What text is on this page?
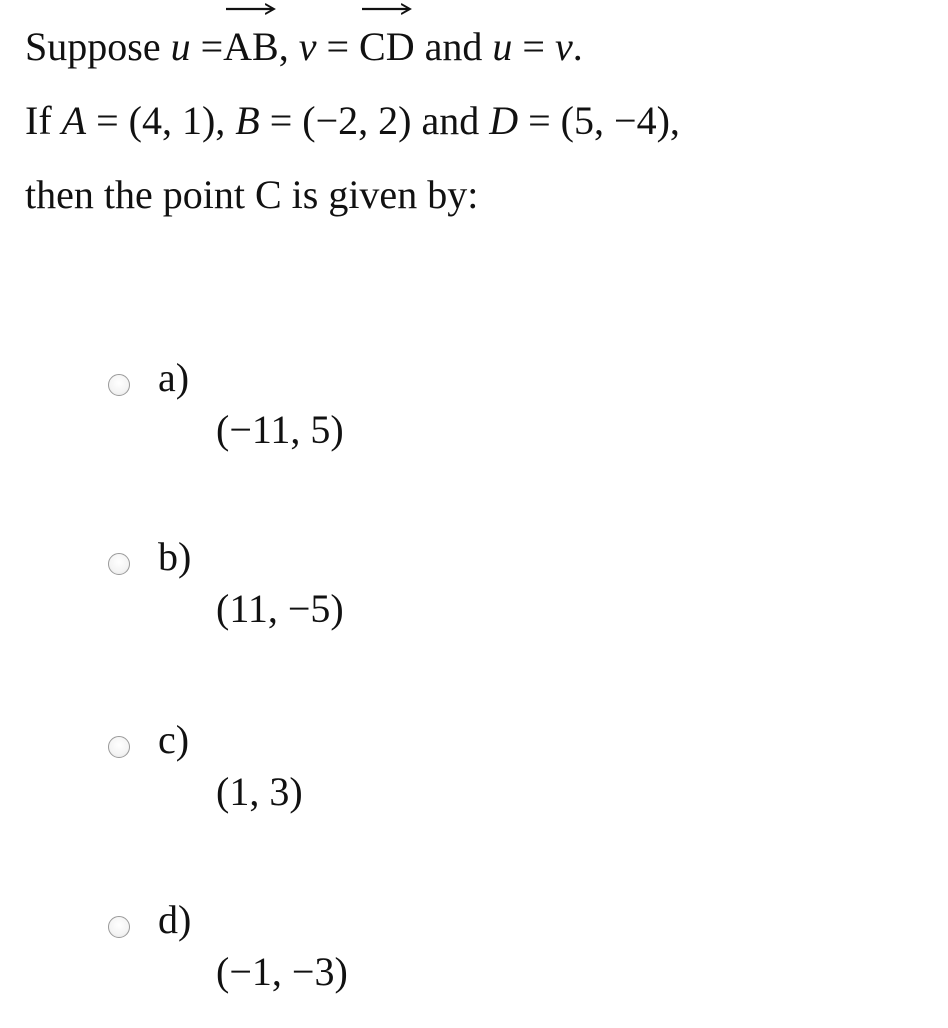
Suppose u =
AB, v = CD and u = v.
If A = (4, 1), B = (−2, 2) and D = (5, −4),
then the point C is given by:
a)
(−11, 5)
b)
(11, −5)
c)
(1, 3)
d)
(−1, −3)
